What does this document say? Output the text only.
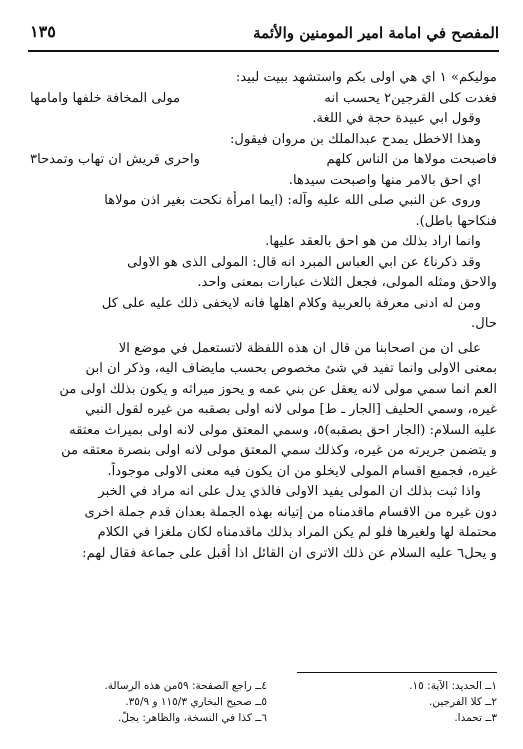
المفصح في امامة امير المومنين والأئمة
١٣٥

موليكم» ١ اي هي اولى بكم واستشهد ببيت لبيد:

فغدت كلى القرجين٢ يحسب انه
مولى المخافة خلفها وامامها

وقول ابي عبيدة حجة في اللغة.

وهذا الاخطل يمدح عبدالملك بن مروان فيقول:

فاصبحت مولاها من الناس كلهم
واحرى قريش ان تهاب وتمدحا٣

اي احق بالامر منها واصبحت سيدها.

وروى عن النبي صلى الله عليه وآله: (ايما امرأة نكحت بغير اذن مولاها

فنكاحها باطل).

وانما اراد بذلك من هو احق بالعقد عليها.

وقد ذكرنا٤ عن ابي العباس المبرد انه قال: المولى الذى هو الاولى

والاحق ومثله المولى، فجعل الثلاث عبارات بمعنى واحد.

ومن له ادنى معرفة بالعربية وكلام اهلها فانه لايخفى ذلك عليه على كل

حال.

على ان من اصحابنا من قال ان هذه اللفظة لاتستعمل في موضع الا

بمعنى الاولى وانما تفيد في شئ مخصوص بحسب مايضاف اليه، وذكر ان ابن

العم انما سمي مولى لانه يعقل عن بني عمه و يحوز ميراثه و يكون بذلك اولى من

غيره، وسمي الحليف [الجار ـ ط] مولى لانه اولى بصقبه من غيره لقول النبي

عليه السلام: (الجار احق بصقبه)٥، وسمي المعتق مولى لانه اولى بميراث معتقه

و يتضمن جريرته من غيره، وكذلك سمي المعتق مولى لانه اولى بنصرة معتقه من

غيره، فجميع اقسام المولى لايخلو من ان يكون فيه معنى الاولى موجوداً.

واذا ثبت بذلك ان المولى يفيد الاولى فالذي يدل على انه مراد في الخبر

دون غيره من الاقسام ماقدمناه من إتيانه بهذه الجملة بعدان قدم جملة اخرى

محتملة لها ولغيرها فلو لم يكن المراد بذلك ماقدمناه لكان ملغزا في الكلام

و يحل٦ عليه السلام عن ذلك الاترى ان القائل اذا أقبل على جماعة فقال لهم:

١ــ الحديد: الآية: ١٥.
٢ــ كلا الفرجين.
٣ــ تحمدا.
٤ــ راجع الصفحة: ٥٩من هذه الرسالة.
٥ــ صحيح البخاري ١١٥/٣ و ٣٥/٩.
٦ــ كذا في النسخة، والظاهر: يجلّ.
